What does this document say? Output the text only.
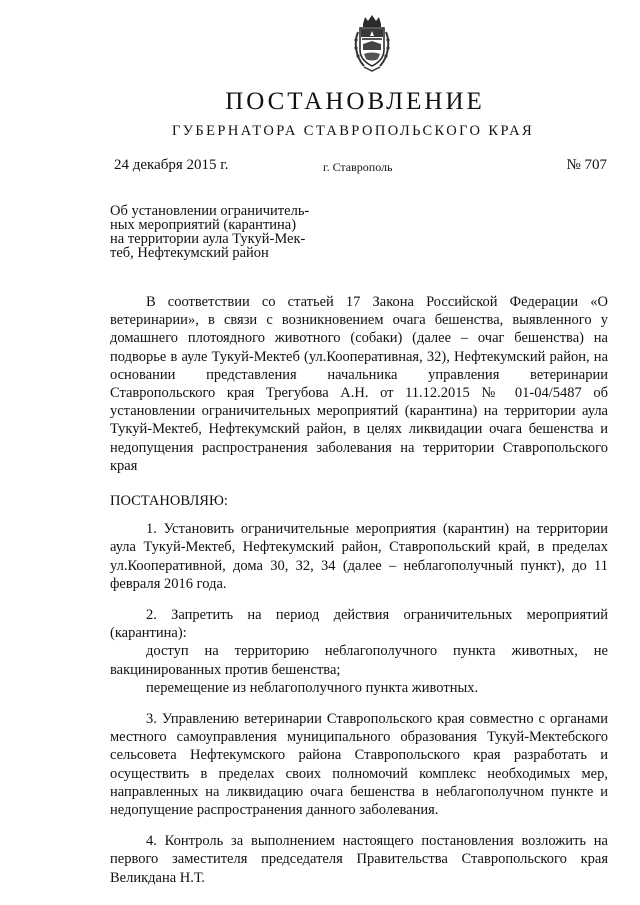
ПОСТАНОВЛЕНИЕ
ГУБЕРНАТОРА СТАВРОПОЛЬСКОГО КРАЯ
24 декабря 2015 г.	г. Ставрополь	№ 707
Об установлении ограничитель-
ных мероприятий (карантина)
на территории аула Тукуй-Мек-
теб, Нефтекумский район

В соответствии со статьей 17 Закона Российской Федерации «О ветеринарии», в связи с возникновением очага бешенства, выявленного у домашнего плотоядного животного (собаки) (далее – очаг бешенства) на подворье в ауле Тукуй-Мектеб (ул.Кооперативная, 32), Нефтекумский район, на основании представления начальника управления ветеринарии Ставропольского края Трегубова А.Н. от 11.12.2015 № 01-04/5487 об установлении ограничительных мероприятий (карантина) на территории аула Тукуй-Мектеб, Нефтекумский район, в целях ликвидации очага бешенства и недопущения распространения заболевания на территории Ставропольского края

ПОСТАНОВЛЯЮ:

1. Установить ограничительные мероприятия (карантин) на территории аула Тукуй-Мектеб, Нефтекумский район, Ставропольский край, в пределах ул.Кооперативной, дома 30, 32, 34 (далее – неблагополучный пункт), до 11 февраля 2016 года.

2. Запретить на период действия ограничительных мероприятий (карантина):

доступ на территорию неблагополучного пункта животных, не вакцинированных против бешенства;

перемещение из неблагополучного пункта животных.

3. Управлению ветеринарии Ставропольского края совместно с органами местного самоуправления муниципального образования Тукуй-Мектебского сельсовета Нефтекумского района Ставропольского края разработать и осуществить в пределах своих полномочий комплекс необходимых мер, направленных на ликвидацию очага бешенства в неблагополучном пункте и недопущение распространения данного заболевания.

4. Контроль за выполнением настоящего постановления возложить на первого заместителя председателя Правительства Ставропольского края Великдана Н.Т.
